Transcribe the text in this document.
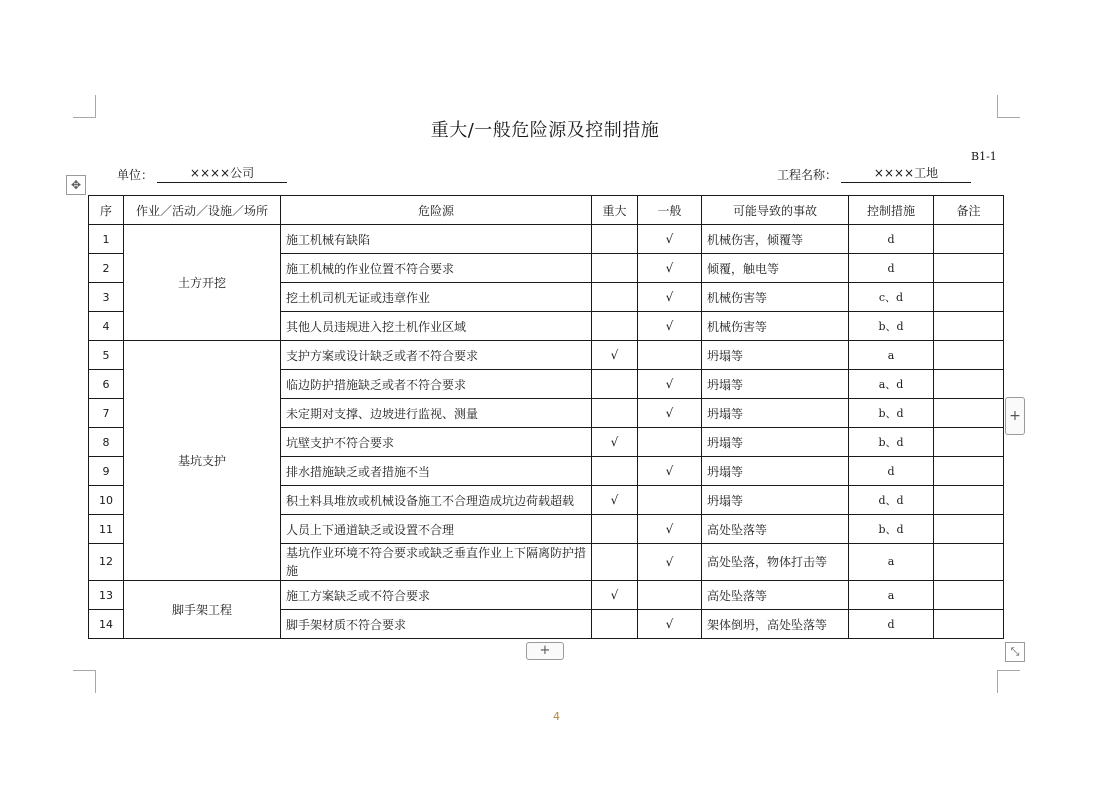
重大/一般危险源及控制措施
B1-1
单位：	××××公司	工程名称：	××××工地
✥
序	作业／活动／设施／场所	危险源	重大	一般	可能导致的事故	控制措施	备注
1	土方开挖	施工机械有缺陷		√	机械伤害，倾覆等	d	
2		施工机械的作业位置不符合要求		√	倾覆，触电等	d	
3		挖土机司机无证或违章作业		√	机械伤害等	c、d	
4		其他人员违规进入挖土机作业区域		√	机械伤害等	b、d	
5	基坑支护	支护方案或设计缺乏或者不符合要求	√		坍塌等	a	
6		临边防护措施缺乏或者不符合要求		√	坍塌等	a、d	
7		未定期对支撑、边坡进行监视、测量		√	坍塌等	b、d	
8		坑壁支护不符合要求	√		坍塌等	b、d	
9		排水措施缺乏或者措施不当		√	坍塌等	d	
10		积土料具堆放或机械设备施工不合理造成坑边荷载超载	√		坍塌等	d、d	
11		人员上下通道缺乏或设置不合理		√	高处坠落等	b、d	
12		基坑作业环境不符合要求或缺乏垂直作业上下隔离防护措施		√	高处坠落，物体打击等	a	
13	脚手架工程	施工方案缺乏或不符合要求	√		高处坠落等	a	
14		脚手架材质不符合要求		√	架体倒坍，高处坠落等	d	
+
+	⤡
4
